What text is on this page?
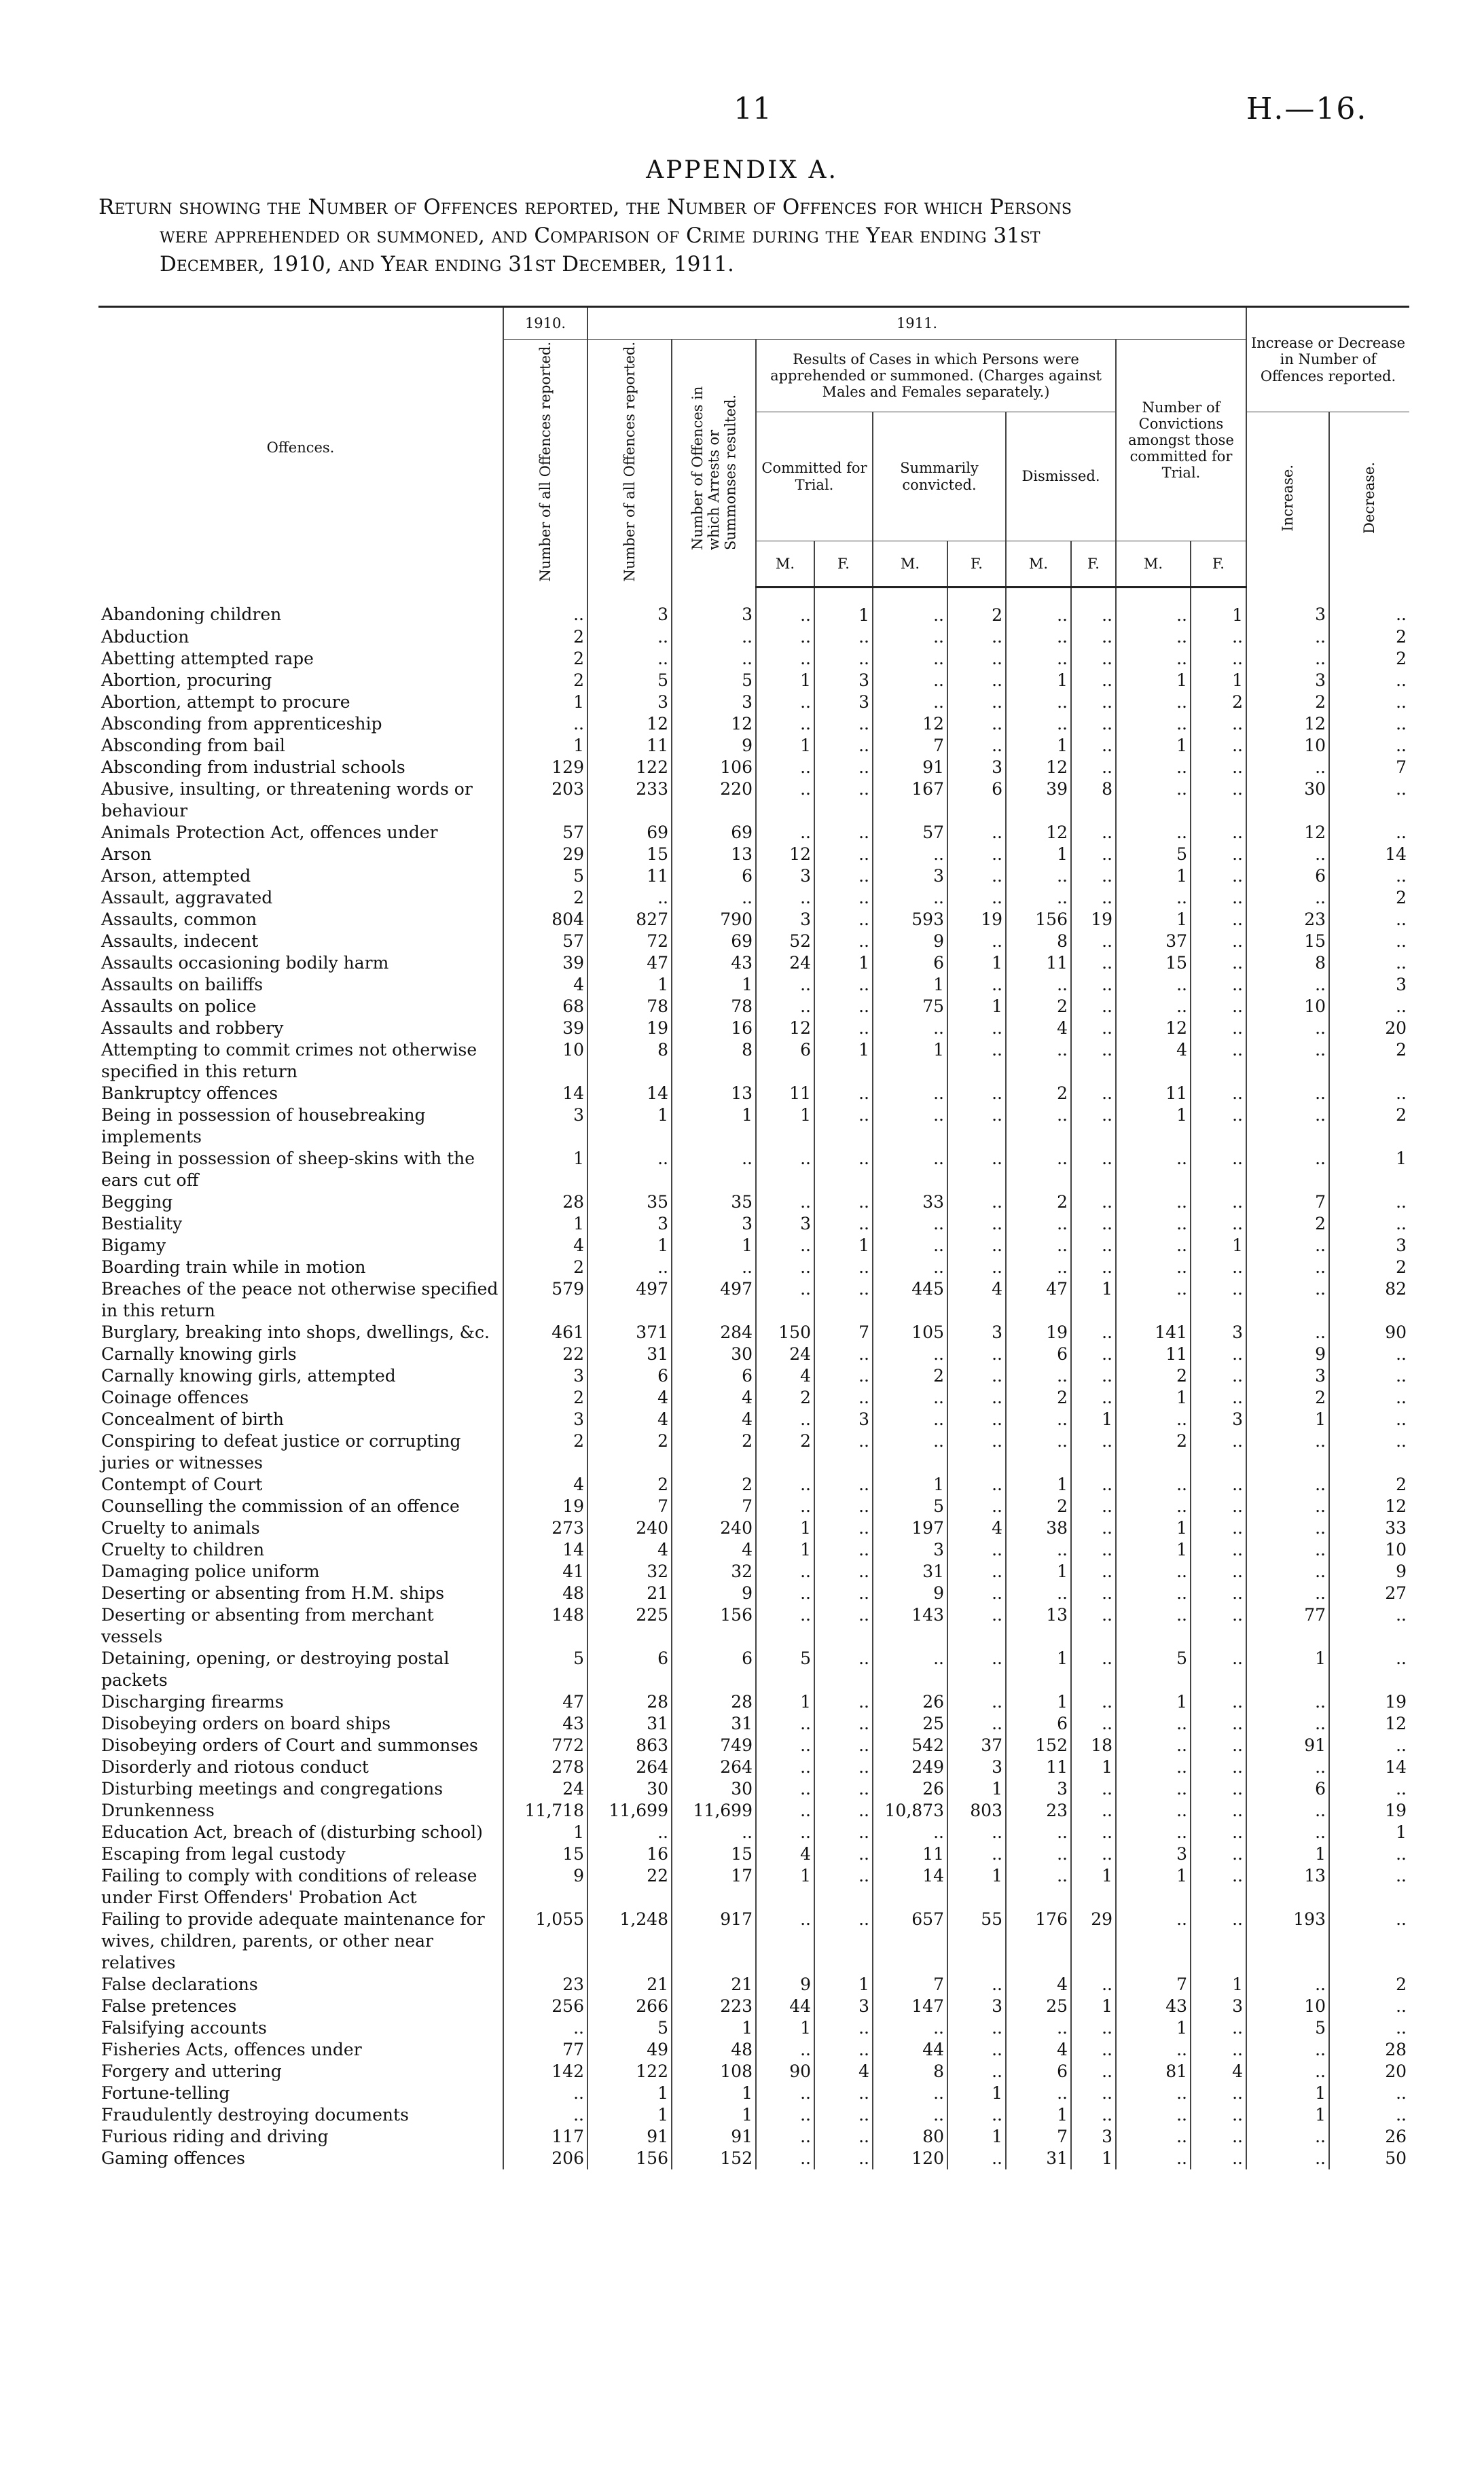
11	H.—16.
APPENDIX A.
Return showing the Number of Offences reported, the Number of Offences for which Persons
were apprehended or summoned, and Comparison of Crime during the Year ending 31st
December, 1910, and Year ending 31st December, 1911.
Offences.	1910.	1911.										Increase or Decrease in Number of Offences reported.	
	Number of all Offences reported.	Number of all Offences reported.	Number of Offences in which Arrests or Summonses resulted.	Results of Cases in which Persons were apprehended or summoned. (Charges against Males and Females separately.)						Number of Convictions amongst those committed for Trial.			
				Committed for Trial.		Summarily convicted.		Dismissed.				Increase.	Decrease.
				M.	F.	M.	F.	M.	F.	M.	F.		
Abandoning children	..	3	3	..	1	..	2	..	..	..	1	3	..
Abduction	2	..	..	..	..	..	..	..	..	..	..	..	2
Abetting attempted rape	2	..	..	..	..	..	..	..	..	..	..	..	2
Abortion, procuring	2	5	5	1	3	..	..	1	..	1	1	3	..
Abortion, attempt to procure	1	3	3	..	3	..	..	..	..	..	2	2	..
Absconding from apprenticeship	..	12	12	..	..	12	..	..	..	..	..	12	..
Absconding from bail	1	11	9	1	..	7	..	1	..	1	..	10	..
Absconding from industrial schools	129	122	106	..	..	91	3	12	..	..	..	..	7
Abusive, insulting, or threatening words or behaviour	203	233	220	..	..	167	6	39	8	..	..	30	..
Animals Protection Act, offences under	57	69	69	..	..	57	..	12	..	..	..	12	..
Arson	29	15	13	12	..	..	..	1	..	5	..	..	14
Arson, attempted	5	11	6	3	..	3	..	..	..	1	..	6	..
Assault, aggravated	2	..	..	..	..	..	..	..	..	..	..	..	2
Assaults, common	804	827	790	3	..	593	19	156	19	1	..	23	..
Assaults, indecent	57	72	69	52	..	9	..	8	..	37	..	15	..
Assaults occasioning bodily harm	39	47	43	24	1	6	1	11	..	15	..	8	..
Assaults on bailiffs	4	1	1	..	..	1	..	..	..	..	..	..	3
Assaults on police	68	78	78	..	..	75	1	2	..	..	..	10	..
Assaults and robbery	39	19	16	12	..	..	..	4	..	12	..	..	20
Attempting to commit crimes not otherwise specified in this return	10	8	8	6	1	1	..	..	..	4	..	..	2
Bankruptcy offences	14	14	13	11	..	..	..	2	..	11	..	..	..
Being in possession of housebreaking implements	3	1	1	1	..	..	..	..	..	1	..	..	2
Being in possession of sheep-skins with the ears cut off	1	..	..	..	..	..	..	..	..	..	..	..	1
Begging	28	35	35	..	..	33	..	2	..	..	..	7	..
Bestiality	1	3	3	3	..	..	..	..	..	..	..	2	..
Bigamy	4	1	1	..	1	..	..	..	..	..	1	..	3
Boarding train while in motion	2	..	..	..	..	..	..	..	..	..	..	..	2
Breaches of the peace not otherwise specified in this return	579	497	497	..	..	445	4	47	1	..	..	..	82
Burglary, breaking into shops, dwellings, &c.	461	371	284	150	7	105	3	19	..	141	3	..	90
Carnally knowing girls	22	31	30	24	..	..	..	6	..	11	..	9	..
Carnally knowing girls, attempted	3	6	6	4	..	2	..	..	..	2	..	3	..
Coinage offences	2	4	4	2	..	..	..	2	..	1	..	2	..
Concealment of birth	3	4	4	..	3	..	..	..	1	..	3	1	..
Conspiring to defeat justice or corrupting juries or witnesses	2	2	2	2	..	..	..	..	..	2	..	..	..
Contempt of Court	4	2	2	..	..	1	..	1	..	..	..	..	2
Counselling the commission of an offence	19	7	7	..	..	5	..	2	..	..	..	..	12
Cruelty to animals	273	240	240	1	..	197	4	38	..	1	..	..	33
Cruelty to children	14	4	4	1	..	3	..	..	..	1	..	..	10
Damaging police uniform	41	32	32	..	..	31	..	1	..	..	..	..	9
Deserting or absenting from H.M. ships	48	21	9	..	..	9	..	..	..	..	..	..	27
Deserting or absenting from merchant vessels	148	225	156	..	..	143	..	13	..	..	..	77	..
Detaining, opening, or destroying postal packets	5	6	6	5	..	..	..	1	..	5	..	1	..
Discharging firearms	47	28	28	1	..	26	..	1	..	1	..	..	19
Disobeying orders on board ships	43	31	31	..	..	25	..	6	..	..	..	..	12
Disobeying orders of Court and summonses	772	863	749	..	..	542	37	152	18	..	..	91	..
Disorderly and riotous conduct	278	264	264	..	..	249	3	11	1	..	..	..	14
Disturbing meetings and congregations	24	30	30	..	..	26	1	3	..	..	..	6	..
Drunkenness	11,718	11,699	11,699	..	..	10,873	803	23	..	..	..	..	19
Education Act, breach of (disturbing school)	1	..	..	..	..	..	..	..	..	..	..	..	1
Escaping from legal custody	15	16	15	4	..	11	..	..	..	3	..	1	..
Failing to comply with conditions of release under First Offenders' Probation Act	9	22	17	1	..	14	1	..	1	1	..	13	..
Failing to provide adequate maintenance for wives, children, parents, or other near relatives	1,055	1,248	917	..	..	657	55	176	29	..	..	193	..
False declarations	23	21	21	9	1	7	..	4	..	7	1	..	2
False pretences	256	266	223	44	3	147	3	25	1	43	3	10	..
Falsifying accounts	..	5	1	1	..	..	..	..	..	1	..	5	..
Fisheries Acts, offences under	77	49	48	..	..	44	..	4	..	..	..	..	28
Forgery and uttering	142	122	108	90	4	8	..	6	..	81	4	..	20
Fortune-telling	..	1	1	..	..	..	1	..	..	..	..	1	..
Fraudulently destroying documents	..	1	1	..	..	..	..	1	..	..	..	1	..
Furious riding and driving	117	91	91	..	..	80	1	7	3	..	..	..	26
Gaming offences	206	156	152	..	..	120	..	31	1	..	..	..	50
